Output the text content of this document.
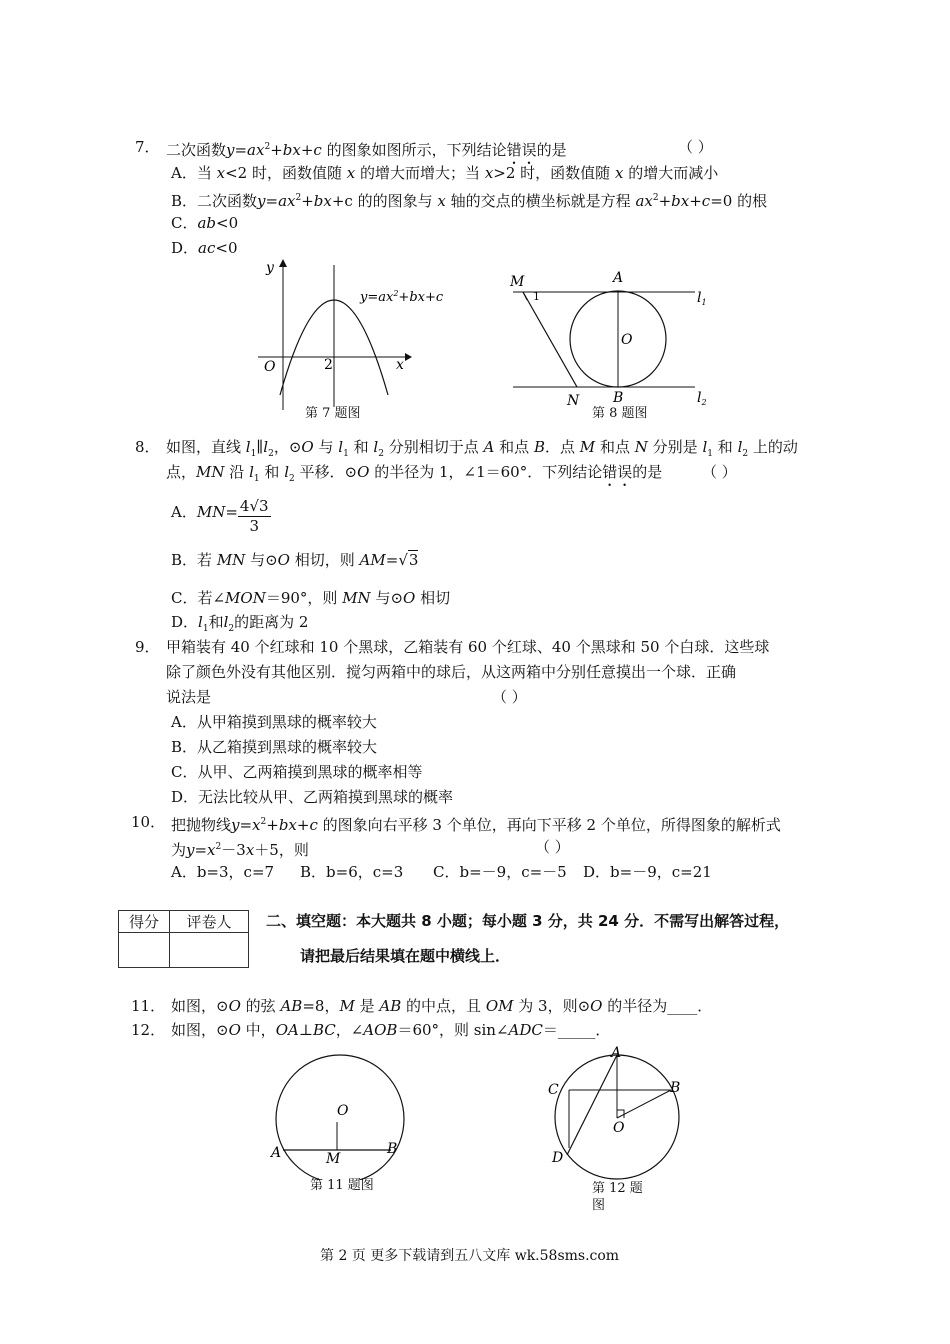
7． 二次函数$y=ax^2+bx+c$ 的图象如图所示，下列结论错误的是	（ ）
A．当 x<2 时，函数值随 x 的增大而增大；当 x>2 时，函数值随 x 的增大而减小
B．二次函数$y=ax^2+bx+c$ 的的图象与 x 轴的交点的横坐标就是方程 $ax^2+bx+c=0$ 的根
C．ab<0
D．ac<0
y
O	2	x
$y=ax^2+bx+c$
第 7 题图
M
1
A
O
B
N
$l_1$
$l_2$
第 8 题图
8． 如图，直线 $l_1\parallel l_2$，⊙O 与 $l_1$ 和 $l_2$ 分别相切于点 A 和点 B．点 M 和点 N 分别是 $l_1$ 和 $l_2$ 上的动
点，MN 沿 $l_1$ 和 $l_2$ 平移．⊙O 的半径为 1，∠1＝60°．下列结论错误的是	（ ）
A．$MN= \frac{4√3}{3}$
B．若 MN 与⊙O 相切，则 AM=√3
C．若∠MON＝90°，则 MN 与⊙O 相切
D．$l_1$和$l_2$的距离为 2
9． 甲箱装有 40 个红球和 10 个黑球，乙箱装有 60 个红球、40 个黑球和 50 个白球．这些球
除了颜色外没有其他区别．搅匀两箱中的球后，从这两箱中分别任意摸出一个球．正确
说法是	（ ）
A．从甲箱摸到黑球的概率较大
B．从乙箱摸到黑球的概率较大
C．从甲、乙两箱摸到黑球的概率相等
D．无法比较从甲、乙两箱摸到黑球的概率
10． 把抛物线$y=x^2+bx+c$ 的图象向右平移 3 个单位，再向下平移 2 个单位，所得图象的解析式
为$y=x^2-3x+5$，则	（ ）
A．b=3，c=7 B．b=6，c=3 C．b=－9，c=－5 D．b=－9，c=21
得分	评卷人
	二、填空题：本大题共 8 小题；每小题 3 分，共 24 分．不需写出解答过程，
请把最后结果填在题中横线上．
11． 如图，⊙O 的弦 AB=8，M 是 AB 的中点，且 OM 为 3，则⊙O 的半径为____．
12． 如图，⊙O 中，OA⊥BC，∠AOB＝60°，则 sin∠ADC＝_____．
O
A	B
M
第 11 题图
A
C	B
O
D
第 12 题
图
第 2 页 更多下载请到五八文库 wk.58sms.com
